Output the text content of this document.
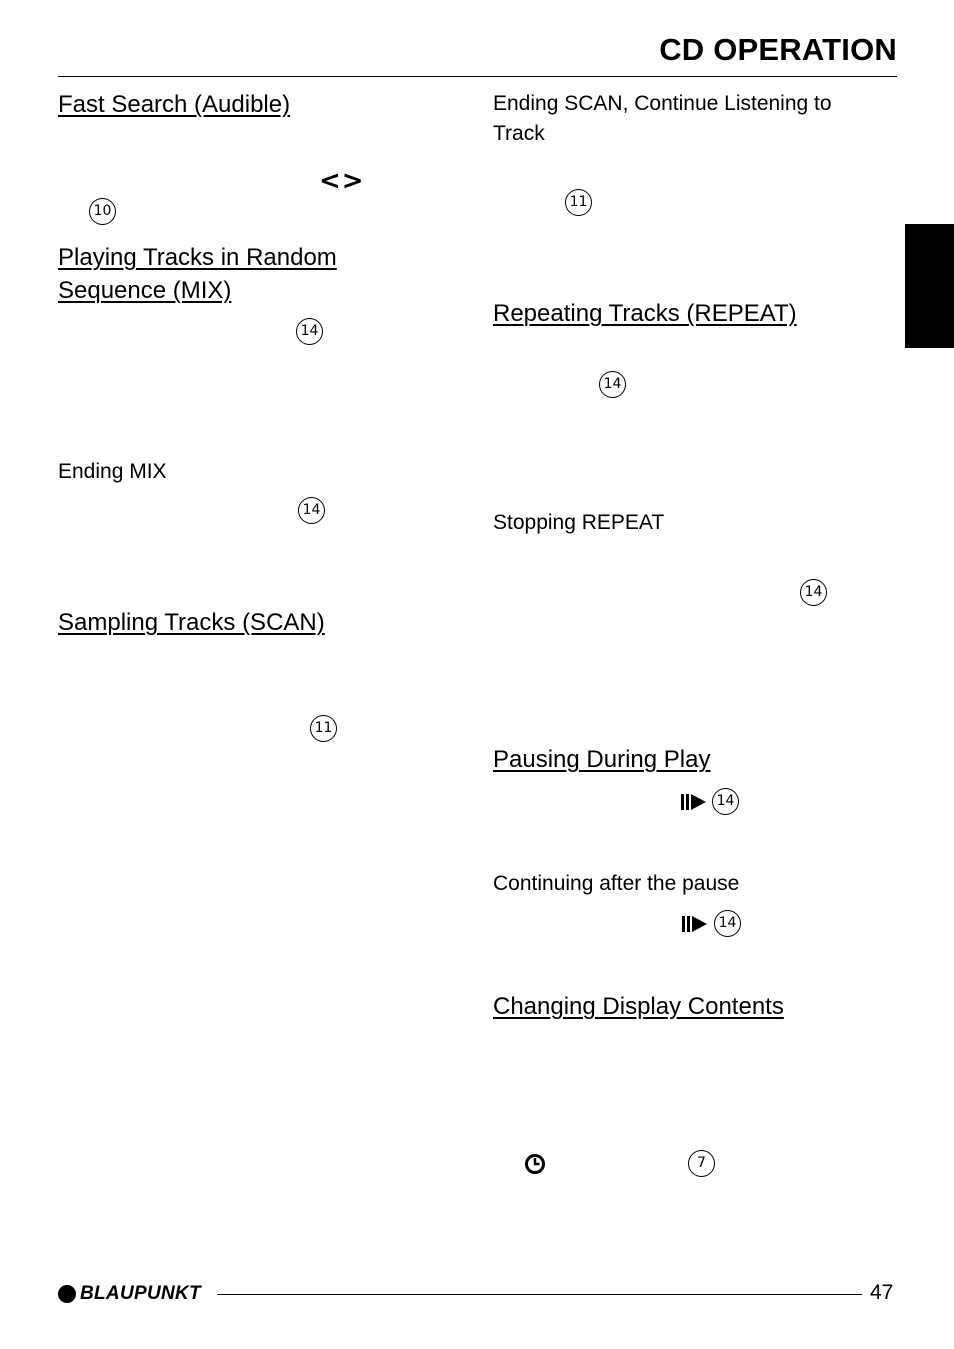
CD OPERATION
Fast Search (Audible)
<>
10
Playing Tracks in Random
Sequence (MIX)
14
Ending MIX
14
Sampling Tracks (SCAN)
11
Ending SCAN, Continue Listening to
Track
11
Repeating Tracks (REPEAT)
14
Stopping REPEAT
14
Pausing During Play
14
Continuing after the pause
14
Changing Display Contents
7
BLAUPUNKT	47
